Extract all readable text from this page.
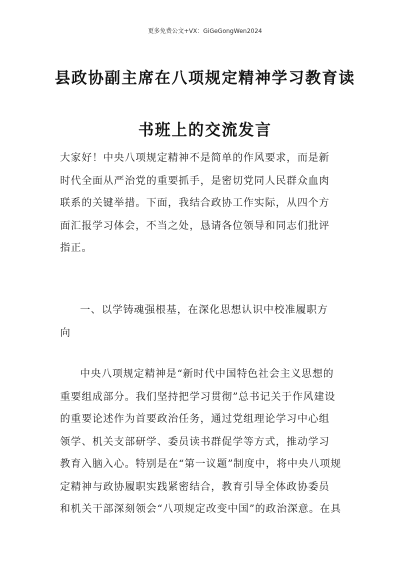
更多免费公文+VX：GiGeGongWen2024
县政协副主席在八项规定精神学习教育读
书班上的交流发言
大家好！中央八项规定精神不是简单的作风要求，而是新
时代全面从严治党的重要抓手，是密切党同人民群众血肉
联系的关键举措。下面，我结合政协工作实际，从四个方
面汇报学习体会，不当之处，恳请各位领导和同志们批评
指正。
一、以学铸魂强根基，在深化思想认识中校准履职方
向
中央八项规定精神是“新时代中国特色社会主义思想的
重要组成部分。我们坚持把学习贯彻”总书记关于作风建设
的重要论述作为首要政治任务，通过党组理论学习中心组
领学、机关支部研学、委员读书群促学等方式，推动学习
教育入脑入心。特别是在“第一议题”制度中，将中央八项规
定精神与政协履职实践紧密结合，教育引导全体政协委员
和机关干部深刻领会“八项规定改变中国”的政治深意。在具
